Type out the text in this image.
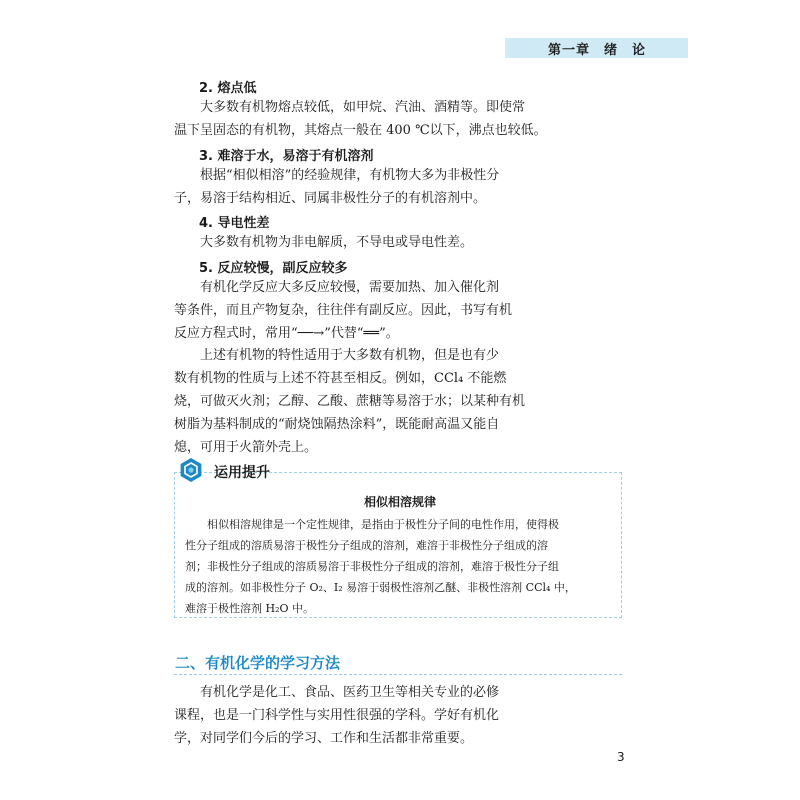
第一章　绪　论
2. 熔点低
大多数有机物熔点较低，如甲烷、汽油、酒精等。即使常
温下呈固态的有机物，其熔点一般在 400 ℃以下，沸点也较低。
3. 难溶于水，易溶于有机溶剂
根据“相似相溶”的经验规律，有机物大多为非极性分
子，易溶于结构相近、同属非极性分子的有机溶剂中。
4. 导电性差
大多数有机物为非电解质，不导电或导电性差。
5. 反应较慢，副反应较多
有机化学反应大多反应较慢，需要加热、加入催化剂
等条件，而且产物复杂，往往伴有副反应。因此，书写有机
反应方程式时，常用“──→”代替“══”。
上述有机物的特性适用于大多数有机物，但是也有少
数有机物的性质与上述不符甚至相反。例如，CCl₄ 不能燃
烧，可做灭火剂；乙醇、乙酸、蔗糖等易溶于水；以某种有机
树脂为基料制成的“耐烧蚀隔热涂料”，既能耐高温又能自
熄，可用于火箭外壳上。
运用提升
相似相溶规律
相似相溶规律是一个定性规律，是指由于极性分子间的电性作用，使得极
性分子组成的溶质易溶于极性分子组成的溶剂，难溶于非极性分子组成的溶
剂；非极性分子组成的溶质易溶于非极性分子组成的溶剂，难溶于极性分子组
成的溶剂。如非极性分子 O₂、I₂ 易溶于弱极性溶剂乙醚、非极性溶剂 CCl₄ 中，
难溶于极性溶剂 H₂O 中。
二、有机化学的学习方法
有机化学是化工、食品、医药卫生等相关专业的必修
课程，也是一门科学性与实用性很强的学科。学好有机化
学，对同学们今后的学习、工作和生活都非常重要。
3
